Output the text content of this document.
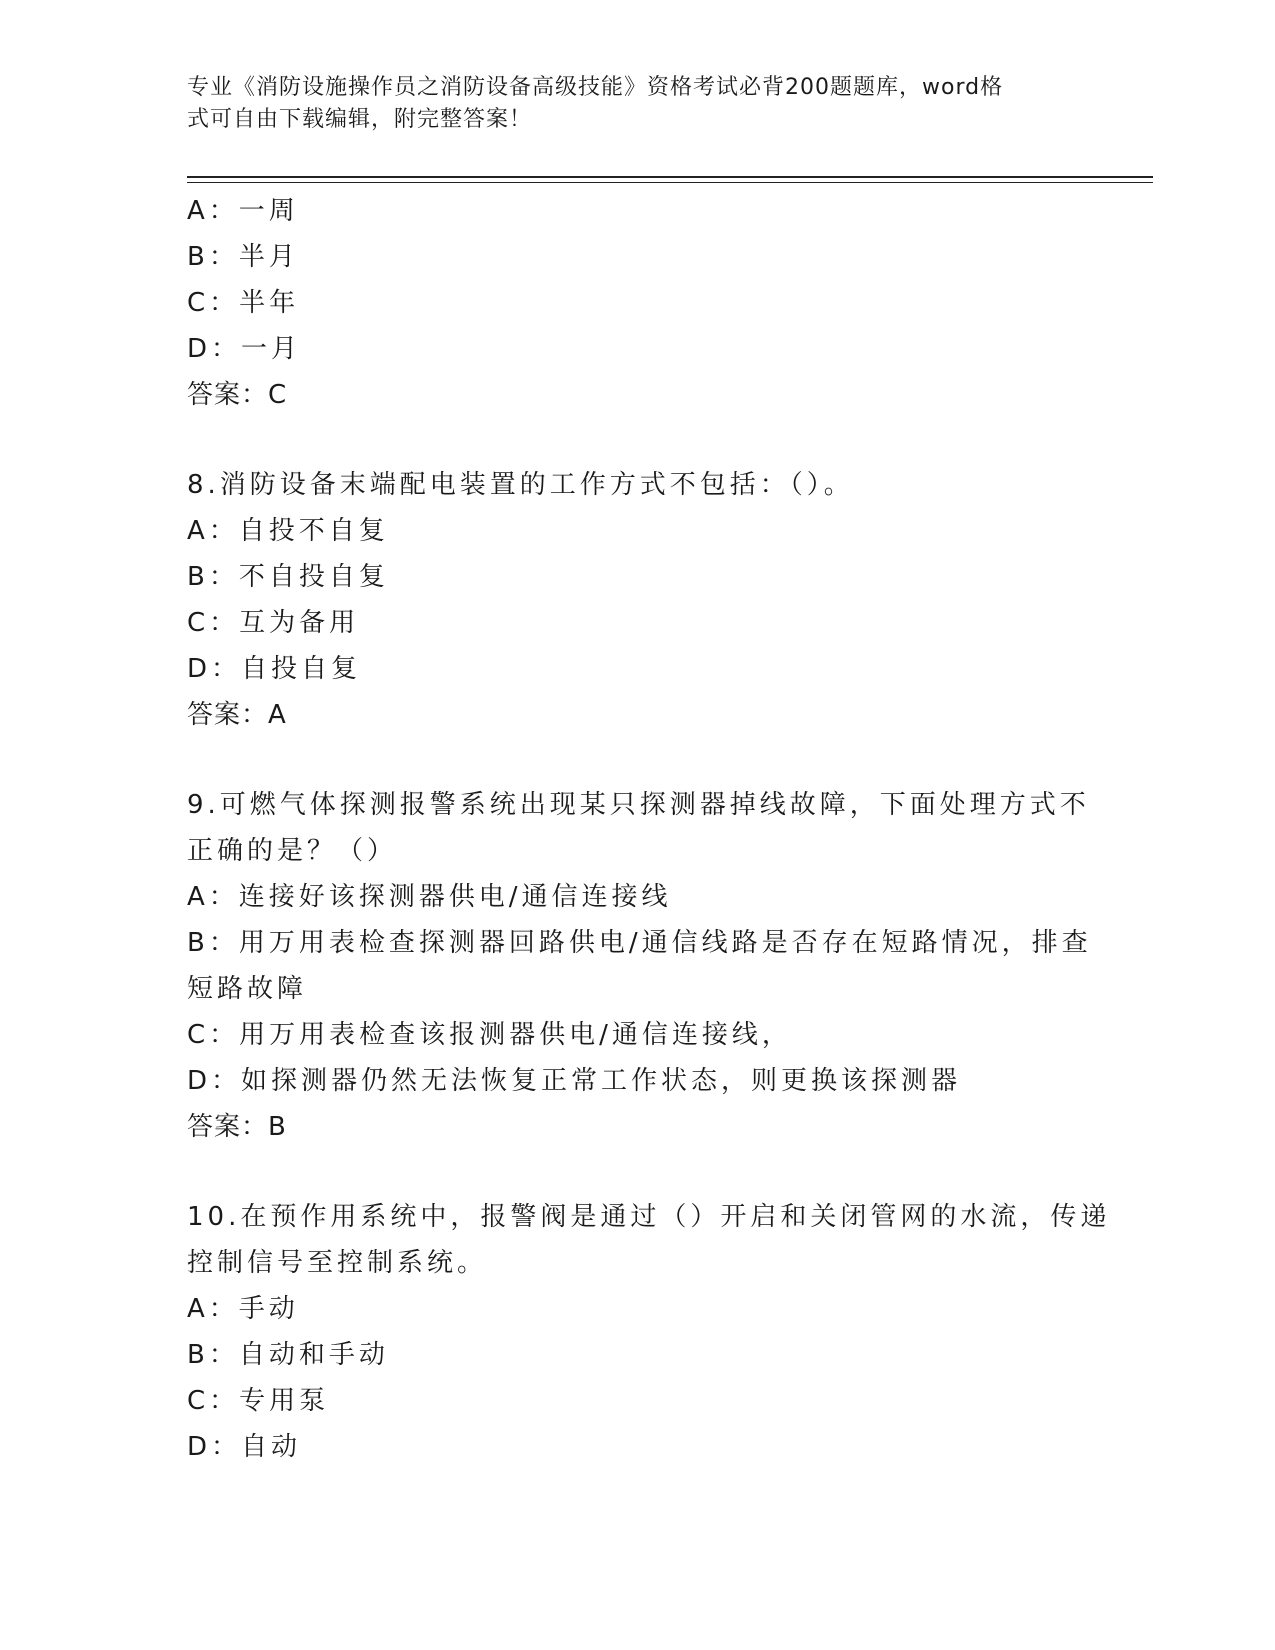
专业《消防设施操作员之消防设备高级技能》资格考试必背200题题库，word格
式可自由下载编辑，附完整答案！
A：一周
B：半月
C：半年
D：一月
答案：C
8.消防设备末端配电装置的工作方式不包括：（）。
A：自投不自复
B：不自投自复
C：互为备用
D：自投自复
答案：A
9.可燃气体探测报警系统出现某只探测器掉线故障，下面处理方式不
正确的是？（）
A：连接好该探测器供电/通信连接线
B：用万用表检查探测器回路供电/通信线路是否存在短路情况，排查
短路故障
C：用万用表检查该报测器供电/通信连接线，
D：如探测器仍然无法恢复正常工作状态，则更换该探测器
答案：B
10.在预作用系统中，报警阀是通过（）开启和关闭管网的水流，传递
控制信号至控制系统。
A：手动
B：自动和手动
C：专用泵
D：自动
